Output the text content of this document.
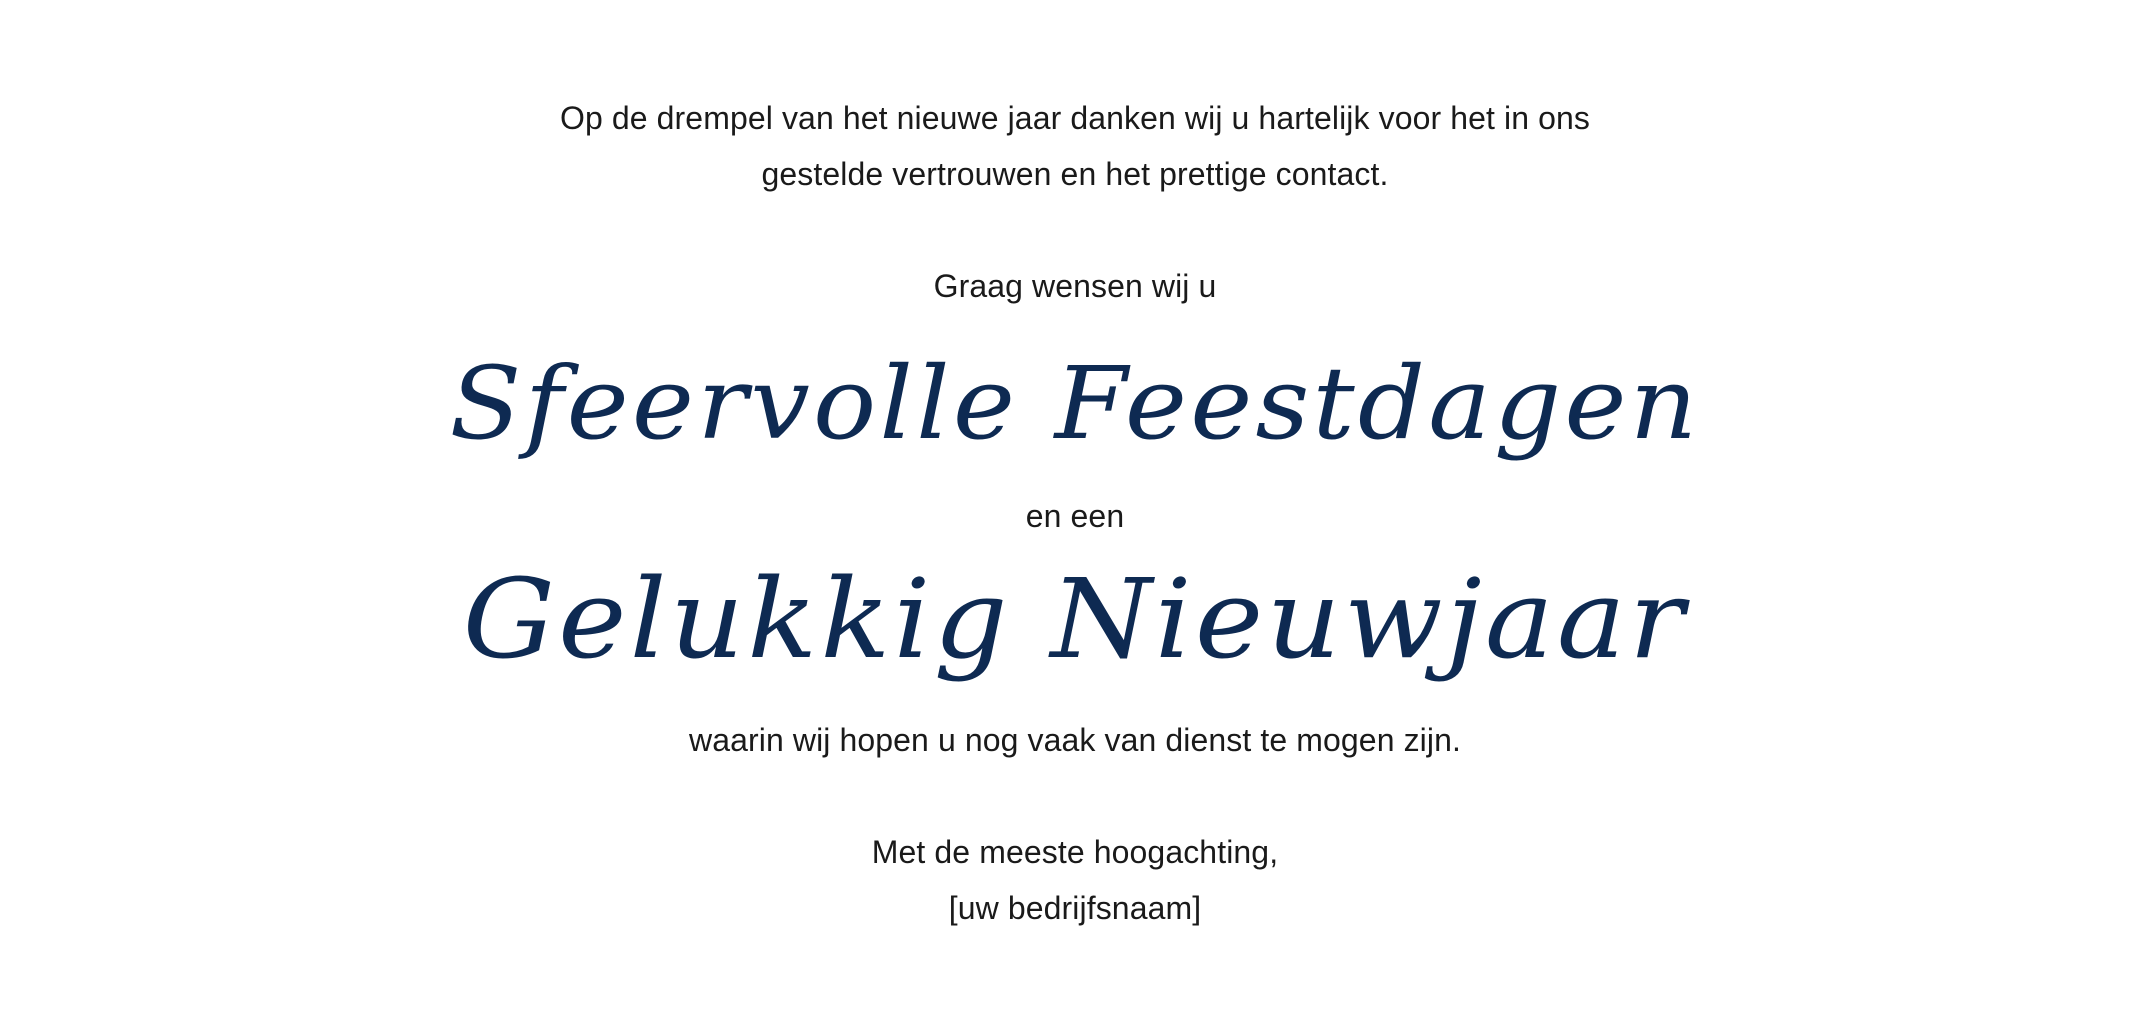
Op de drempel van het nieuwe jaar danken wij u hartelijk voor het in ons
gestelde vertrouwen en het prettige contact.
Graag wensen wij u
Sfeervolle Feestdagen
en een
Gelukkig Nieuwjaar
waarin wij hopen u nog vaak van dienst te mogen zijn.
Met de meeste hoogachting,
[uw bedrijfsnaam]
